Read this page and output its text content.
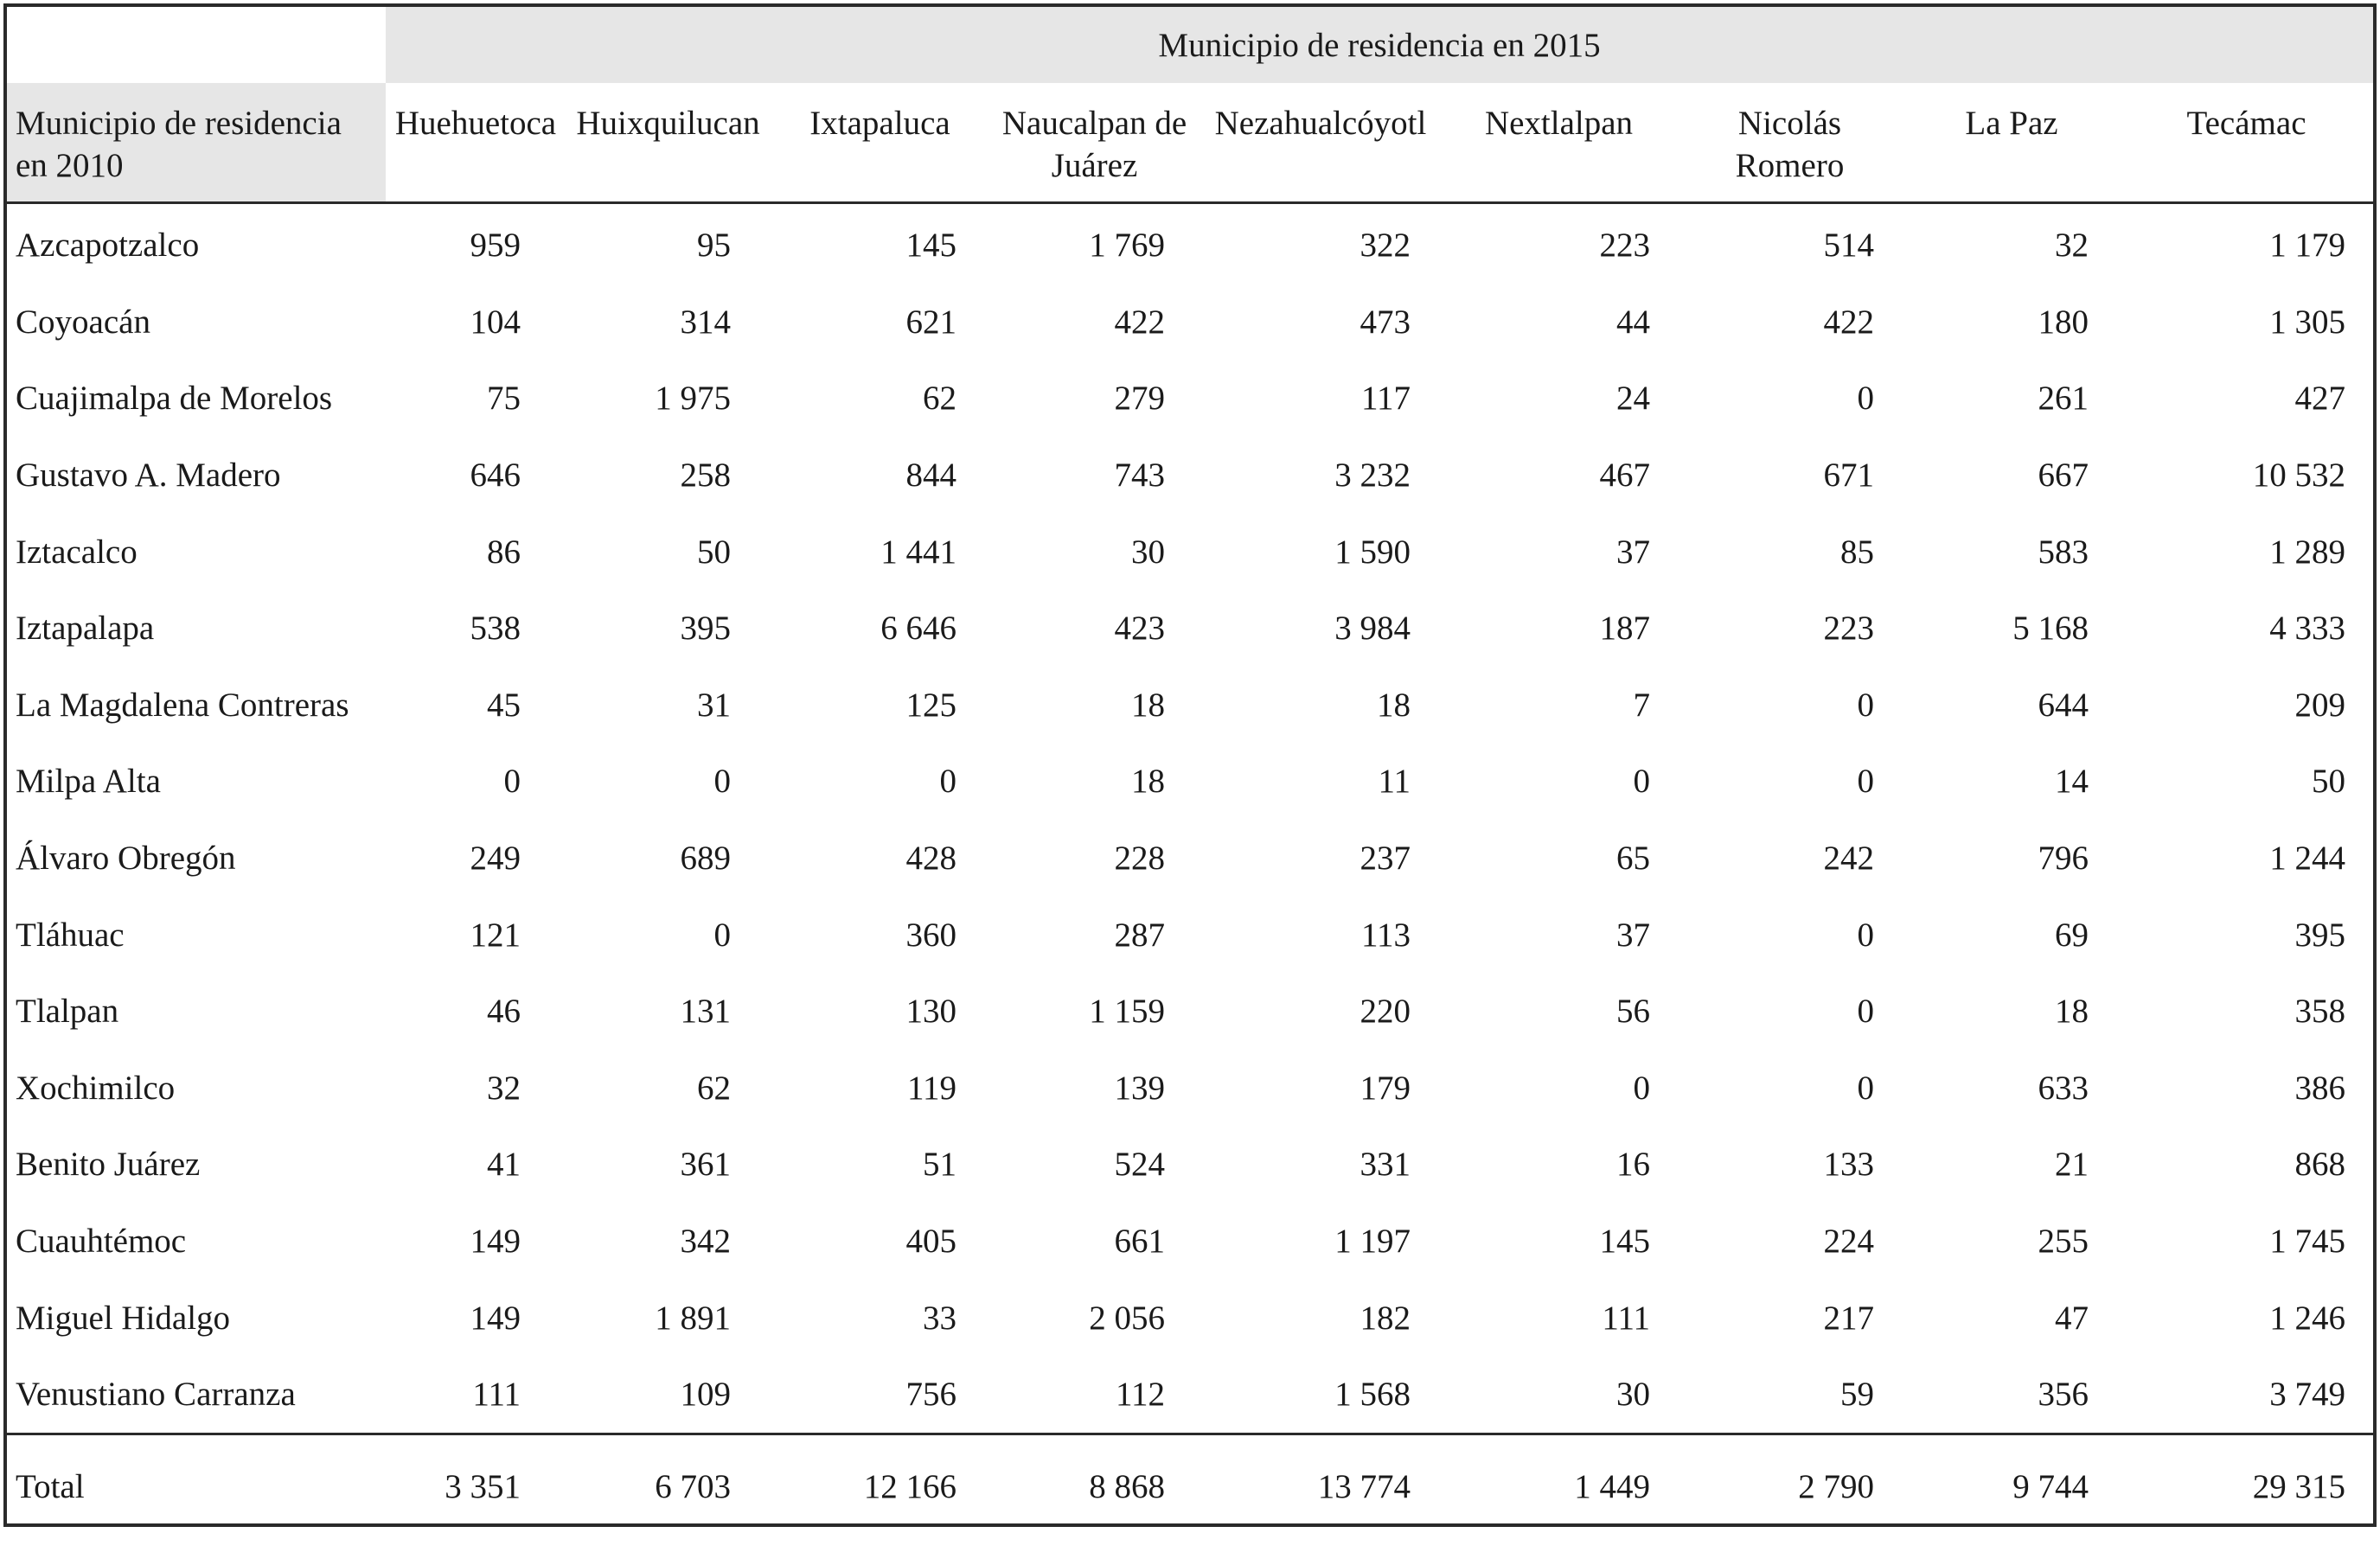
	Municipio de residencia en 2015								
Municipio de residencia en 2010	Huehuetoca	Huixquilucan	Ixtapaluca	Naucalpan de Juárez	Nezahualcóyotl	Nextlalpan	Nicolás Romero	La Paz	Tecámac
Azcapotzalco	959	95	145	1 769	322	223	514	32	1 179
Coyoacán	104	314	621	422	473	44	422	180	1 305
Cuajimalpa de Morelos	75	1 975	62	279	117	24	0	261	427
Gustavo A. Madero	646	258	844	743	3 232	467	671	667	10 532
Iztacalco	86	50	1 441	30	1 590	37	85	583	1 289
Iztapalapa	538	395	6 646	423	3 984	187	223	5 168	4 333
La Magdalena Contreras	45	31	125	18	18	7	0	644	209
Milpa Alta	0	0	0	18	11	0	0	14	50
Álvaro Obregón	249	689	428	228	237	65	242	796	1 244
Tláhuac	121	0	360	287	113	37	0	69	395
Tlalpan	46	131	130	1 159	220	56	0	18	358
Xochimilco	32	62	119	139	179	0	0	633	386
Benito Juárez	41	361	51	524	331	16	133	21	868
Cuauhtémoc	149	342	405	661	1 197	145	224	255	1 745
Miguel Hidalgo	149	1 891	33	2 056	182	111	217	47	1 246
Venustiano Carranza	111	109	756	112	1 568	30	59	356	3 749
Total	3 351	6 703	12 166	8 868	13 774	1 449	2 790	9 744	29 315
